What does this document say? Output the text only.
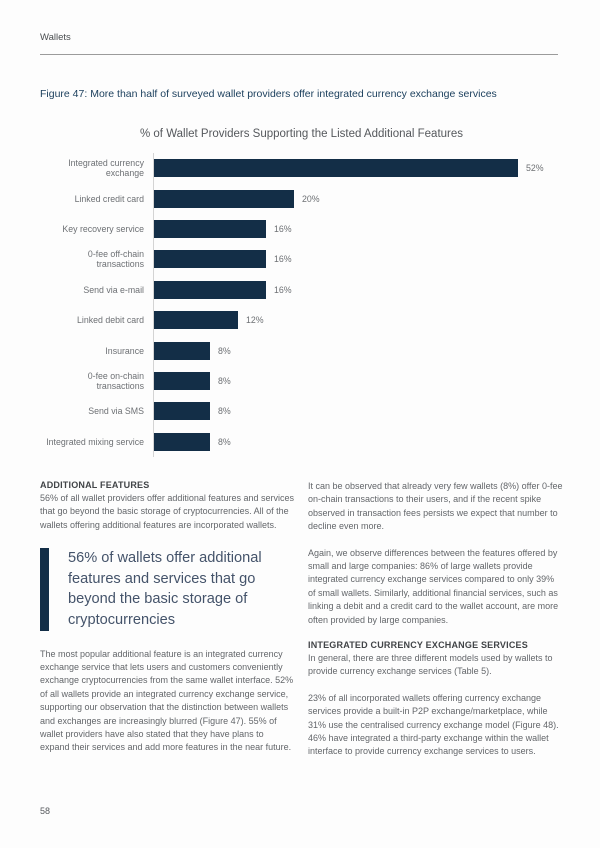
Wallets
Figure 47: More than half of surveyed wallet providers offer integrated currency exchange services
% of Wallet Providers Supporting the Listed Additional Features
Integrated currency exchange	52%
Linked credit card	20%
Key recovery service	16%
0-fee off-chain transactions	16%
Send via e-mail	16%
Linked debit card	12%
Insurance	8%
0-fee on-chain transactions	8%
Send via SMS	8%
Integrated mixing service	8%
ADDITIONAL FEATURES
56% of all wallet providers offer additional features and services that go beyond the basic storage of cryptocurrencies. All of the wallets offering additional features are incorporated wallets.
56% of wallets offer additional features and services that go beyond the basic storage of cryptocurrencies
The most popular additional feature is an integrated currency exchange service that lets users and customers conveniently exchange cryptocurrencies from the same wallet interface. 52% of all wallets provide an integrated currency exchange service, supporting our observation that the distinction between wallets and exchanges are increasingly blurred (Figure 47). 55% of wallet providers have also stated that they have plans to expand their services and add more features in the near future.
It can be observed that already very few wallets (8%) offer 0-fee on-chain transactions to their users, and if the recent spike observed in transaction fees persists we expect that number to decline even more.
Again, we observe differences between the features offered by small and large companies: 86% of large wallets provide integrated currency exchange services compared to only 39% of small wallets. Similarly, additional financial services, such as linking a debit and a credit card to the wallet account, are more often provided by large companies.
INTEGRATED CURRENCY EXCHANGE SERVICES
In general, there are three different models used by wallets to provide currency exchange services (Table 5).
23% of all incorporated wallets offering currency exchange services provide a built-in P2P exchange/marketplace, while 31% use the centralised currency exchange model (Figure 48). 46% have integrated a third-party exchange within the wallet interface to provide currency exchange services to users.
58
